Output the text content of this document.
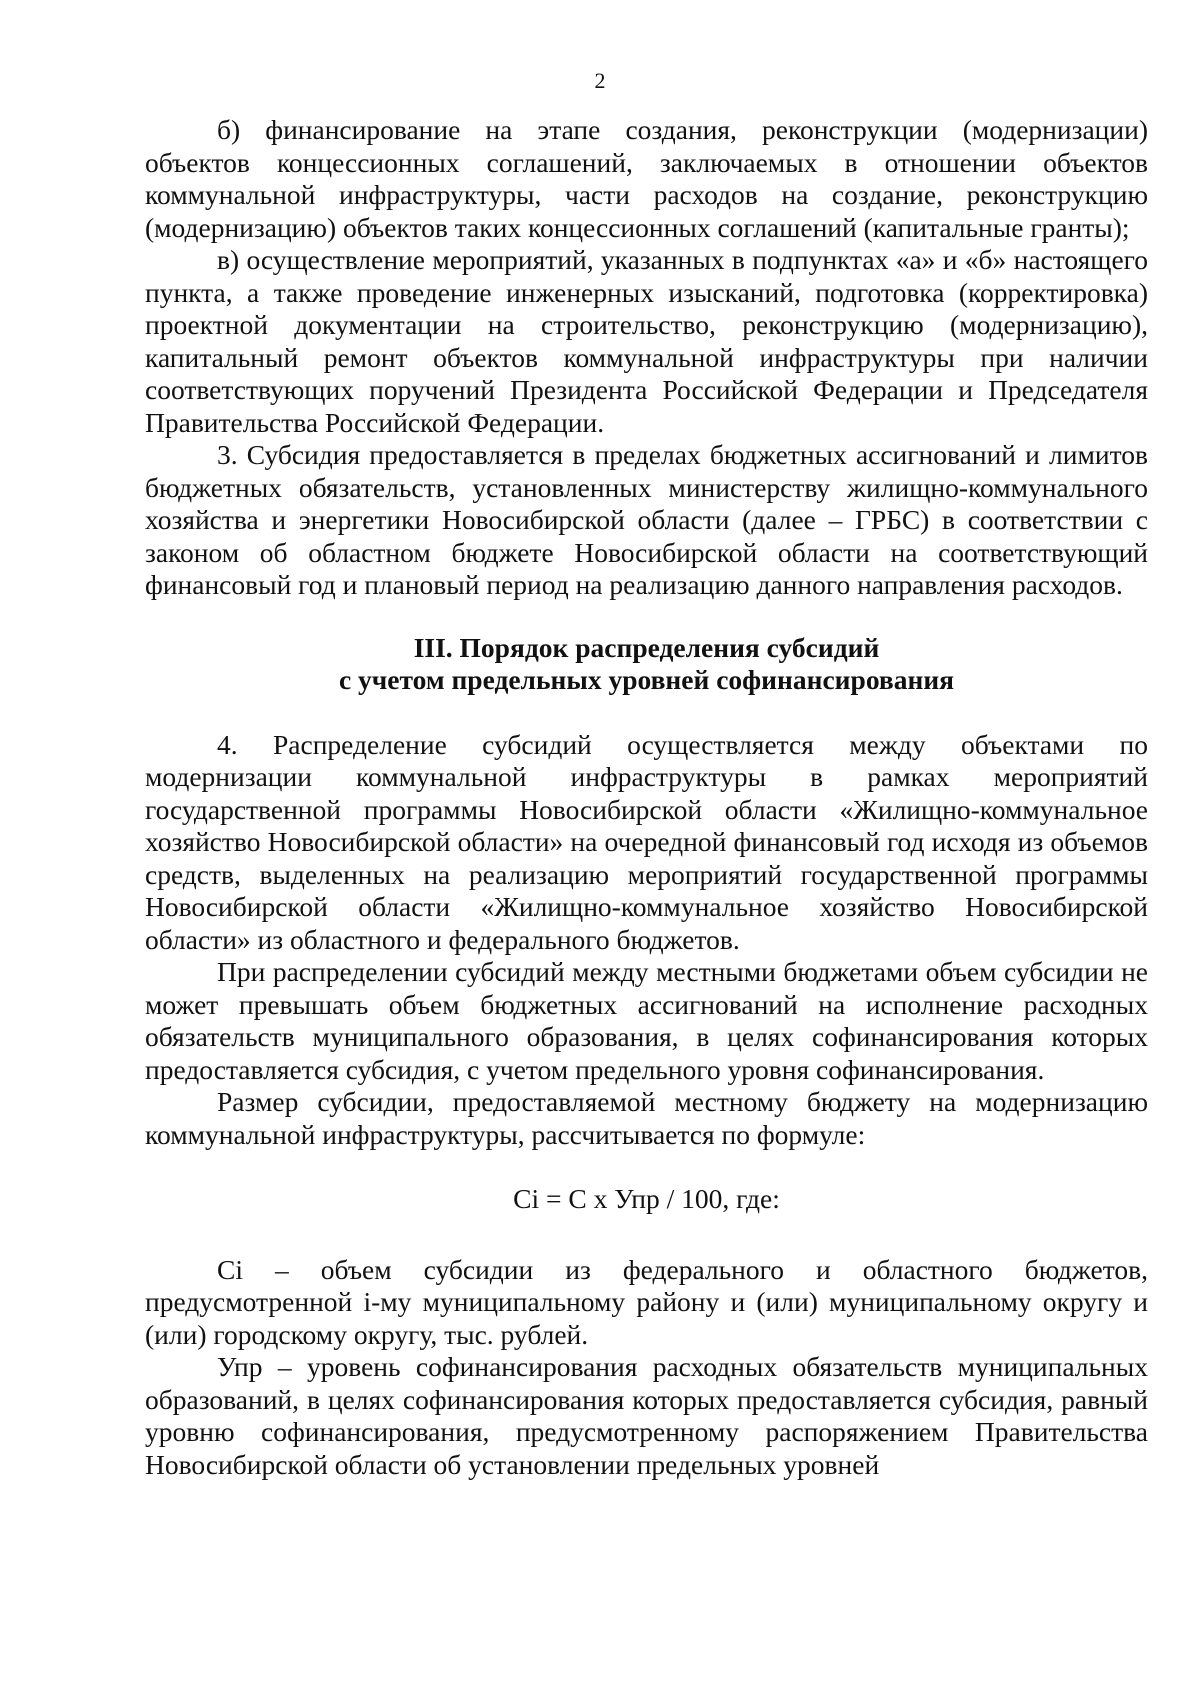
2

б) финансирование на этапе создания, реконструкции (модернизации) объектов концессионных соглашений, заключаемых в отношении объектов коммунальной инфраструктуры, части расходов на создание, реконструкцию (модернизацию) объектов таких концессионных соглашений (капитальные гранты);

в) осуществление мероприятий, указанных в подпунктах «а» и «б» настоящего пункта, а также проведение инженерных изысканий, подготовка (корректировка) проектной документации на строительство, реконструкцию (модернизацию), капитальный ремонт объектов коммунальной инфраструктуры при наличии соответствующих поручений Президента Российской Федерации и Председателя Правительства Российской Федерации.

3. Субсидия предоставляется в пределах бюджетных ассигнований и лимитов бюджетных обязательств, установленных министерству жилищно-коммунального хозяйства и энергетики Новосибирской области (далее – ГРБС) в соответствии с законом об областном бюджете Новосибирской области на соответствующий финансовый год и плановый период на реализацию данного направления расходов.

III. Порядок распределения субсидий
с учетом предельных уровней софинансирования

4. Распределение субсидий осуществляется между объектами по модернизации коммунальной инфраструктуры в рамках мероприятий государственной программы Новосибирской области «Жилищно-коммунальное хозяйство Новосибирской области» на очередной финансовый год исходя из объемов средств, выделенных на реализацию мероприятий государственной программы Новосибирской области «Жилищно-коммунальное хозяйство Новосибирской области» из областного и федерального бюджетов.

При распределении субсидий между местными бюджетами объем субсидии не может превышать объем бюджетных ассигнований на исполнение расходных обязательств муниципального образования, в целях софинансирования которых предоставляется субсидия, с учетом предельного уровня софинансирования.

Размер субсидии, предоставляемой местному бюджету на модернизацию коммунальной инфраструктуры, рассчитывается по формуле:

Ci = C x Упр / 100, где:

Ci – объем субсидии из федерального и областного бюджетов, предусмотренной i-му муниципальному району и (или) муниципальному округу и (или) городскому округу, тыс. рублей.

Упр – уровень софинансирования расходных обязательств муниципальных образований, в целях софинансирования которых предоставляется субсидия, равный уровню софинансирования, предусмотренному распоряжением Правительства Новосибирской области об установлении предельных уровней
